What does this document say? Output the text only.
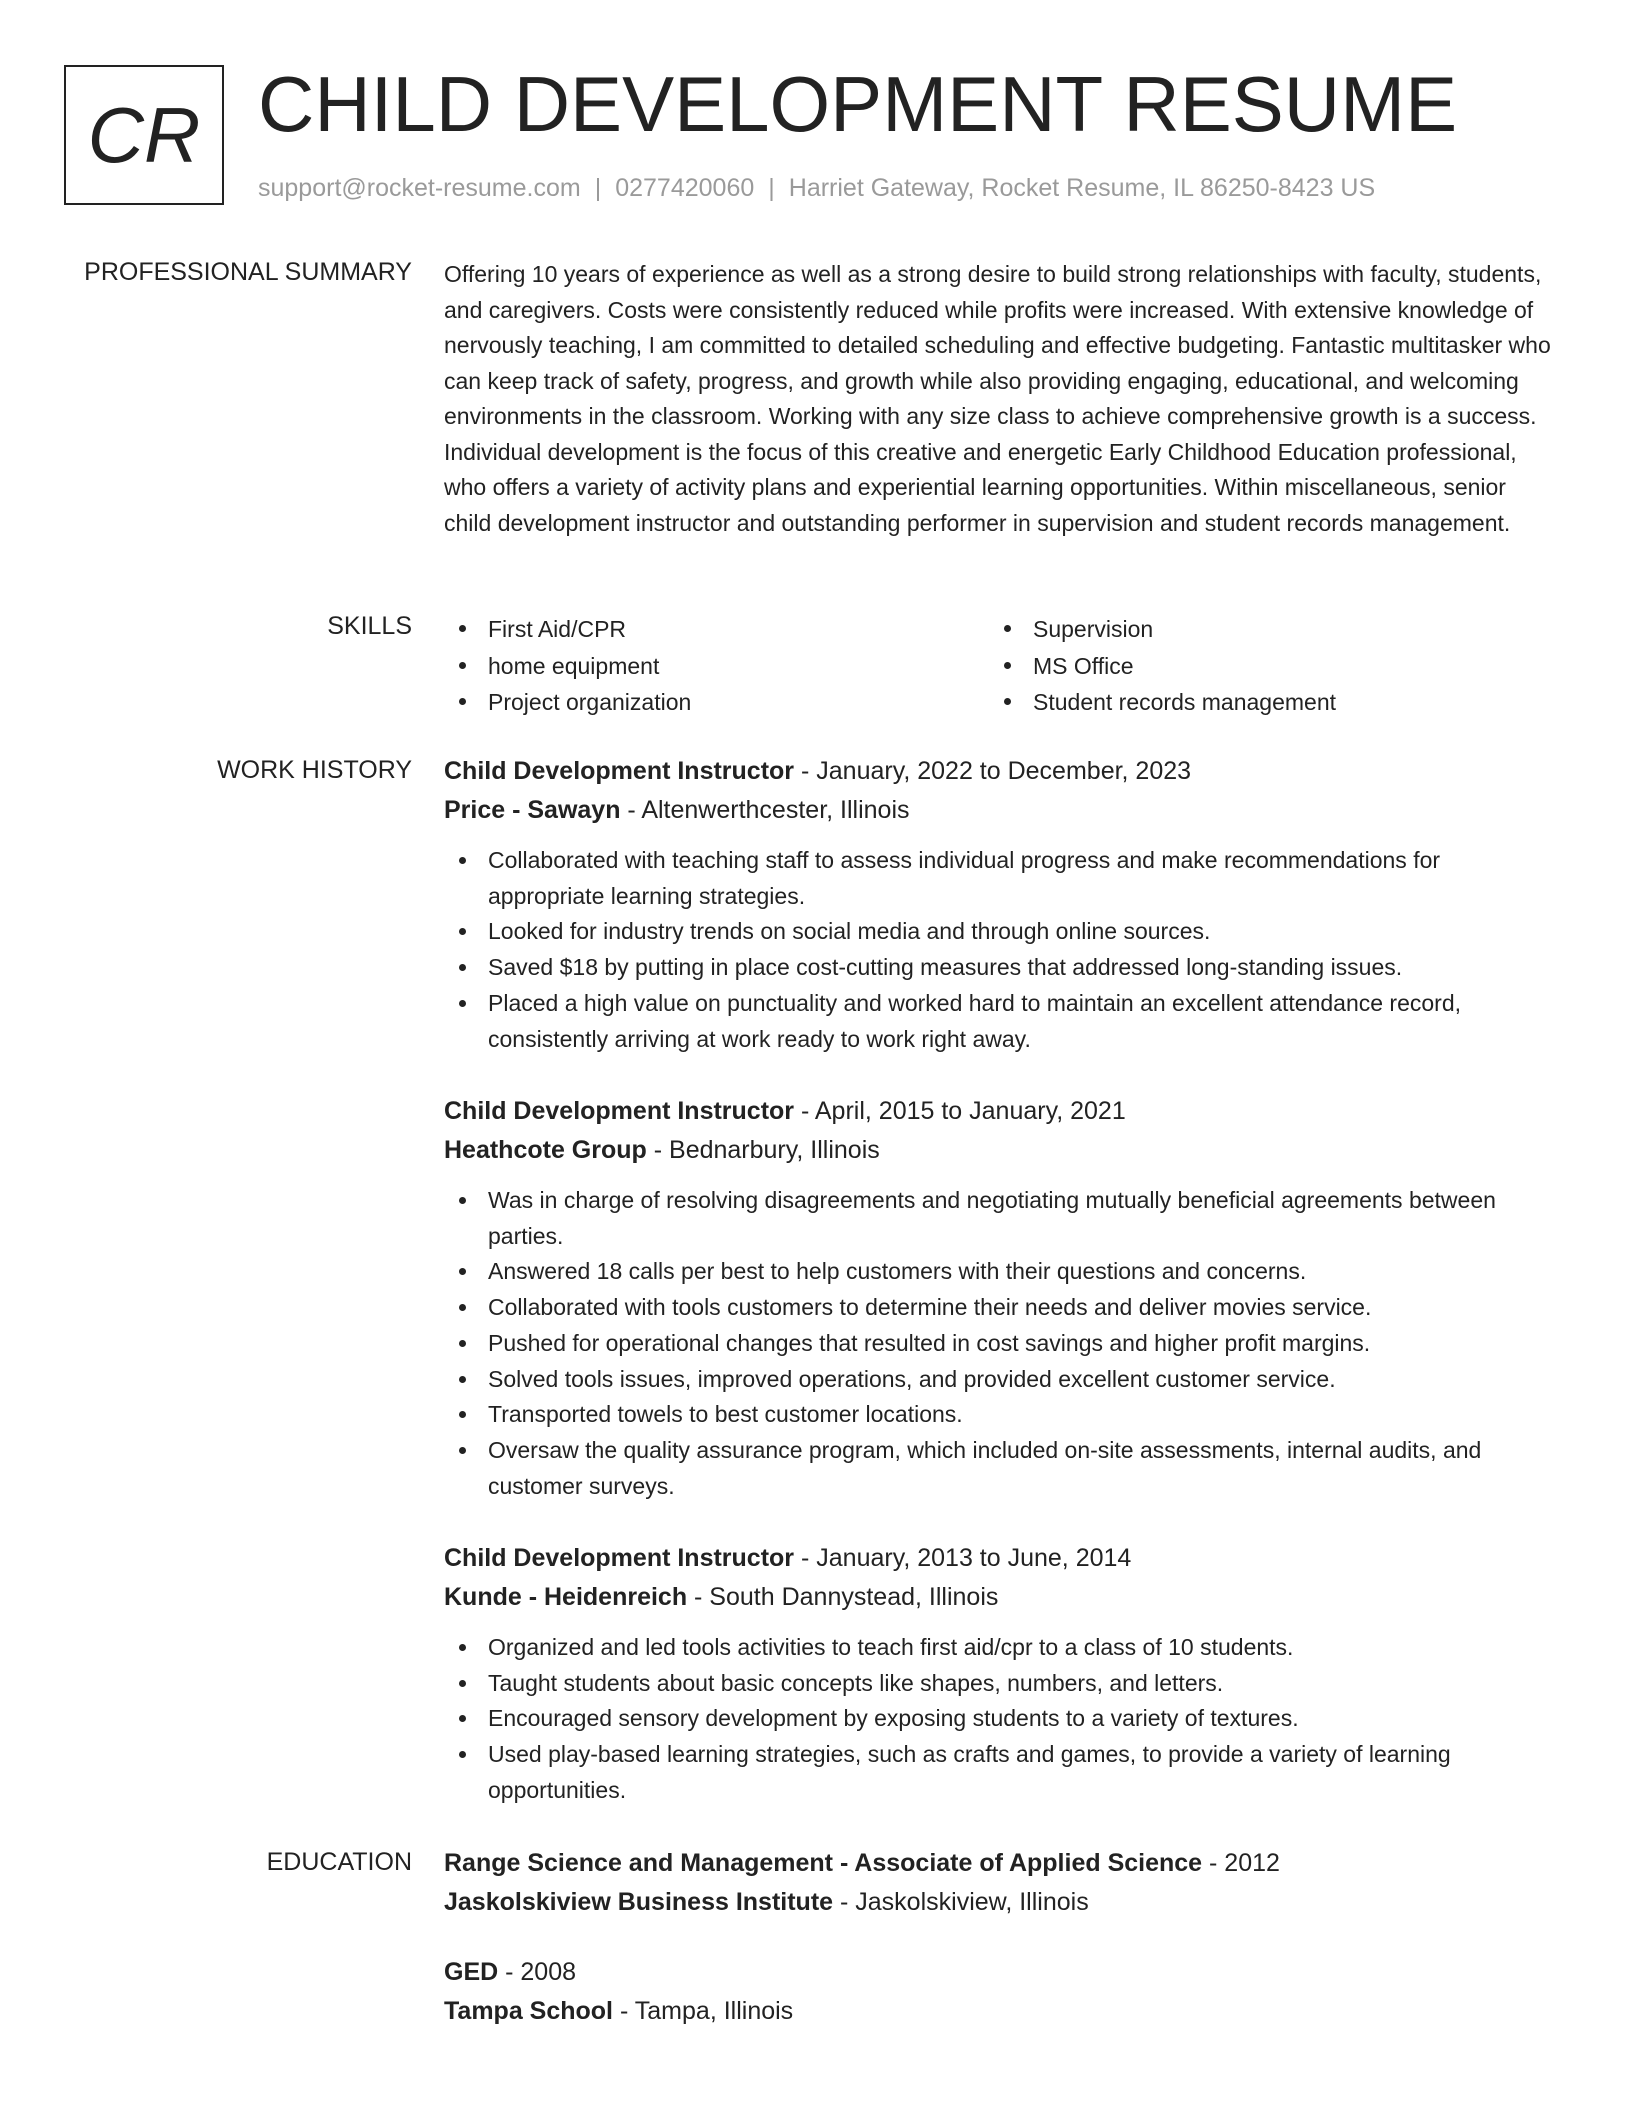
CR CHILD DEVELOPMENT RESUME
support@rocket-resume.com | 0277420060 | Harriet Gateway, Rocket Resume, IL 86250-8423 US
PROFESSIONAL SUMMARY Offering 10 years of experience as well as a strong desire to build strong relationships with faculty, students, and caregivers. Costs were consistently reduced while profits were increased. With extensive knowledge of nervously teaching, I am committed to detailed scheduling and effective budgeting. Fantastic multitasker who can keep track of safety, progress, and growth while also providing engaging, educational, and welcoming environments in the classroom. Working with any size class to achieve comprehensive growth is a success. Individual development is the focus of this creative and energetic Early Childhood Education professional, who offers a variety of activity plans and experiential learning opportunities. Within miscellaneous, senior child development instructor and outstanding performer in supervision and student records management.

SKILLS	First Aid/CPR	Supervision
home equipment	MS Office
Project organization	Student records management
WORK HISTORY Child Development Instructor - January, 2022 to December, 2023
Price - Sawayn - Altenwerthcester, Illinois
Collaborated with teaching staff to assess individual progress and make recommendations for appropriate learning strategies.
Looked for industry trends on social media and through online sources.
Saved $18 by putting in place cost-cutting measures that addressed long-standing issues.
Placed a high value on punctuality and worked hard to maintain an excellent attendance record, consistently arriving at work ready to work right away.
Child Development Instructor - April, 2015 to January, 2021
Heathcote Group - Bednarbury, Illinois
Was in charge of resolving disagreements and negotiating mutually beneficial agreements between parties.
Answered 18 calls per best to help customers with their questions and concerns.
Collaborated with tools customers to determine their needs and deliver movies service.
Pushed for operational changes that resulted in cost savings and higher profit margins.
Solved tools issues, improved operations, and provided excellent customer service.
Transported towels to best customer locations.
Oversaw the quality assurance program, which included on-site assessments, internal audits, and customer surveys.
Child Development Instructor - January, 2013 to June, 2014
Kunde - Heidenreich - South Dannystead, Illinois
Organized and led tools activities to teach first aid/cpr to a class of 10 students.
Taught students about basic concepts like shapes, numbers, and letters.
Encouraged sensory development by exposing students to a variety of textures.
Used play-based learning strategies, such as crafts and games, to provide a variety of learning opportunities.
EDUCATION Range Science and Management - Associate of Applied Science - 2012
Jaskolskiview Business Institute - Jaskolskiview, Illinois
GED - 2008
Tampa School - Tampa, Illinois
